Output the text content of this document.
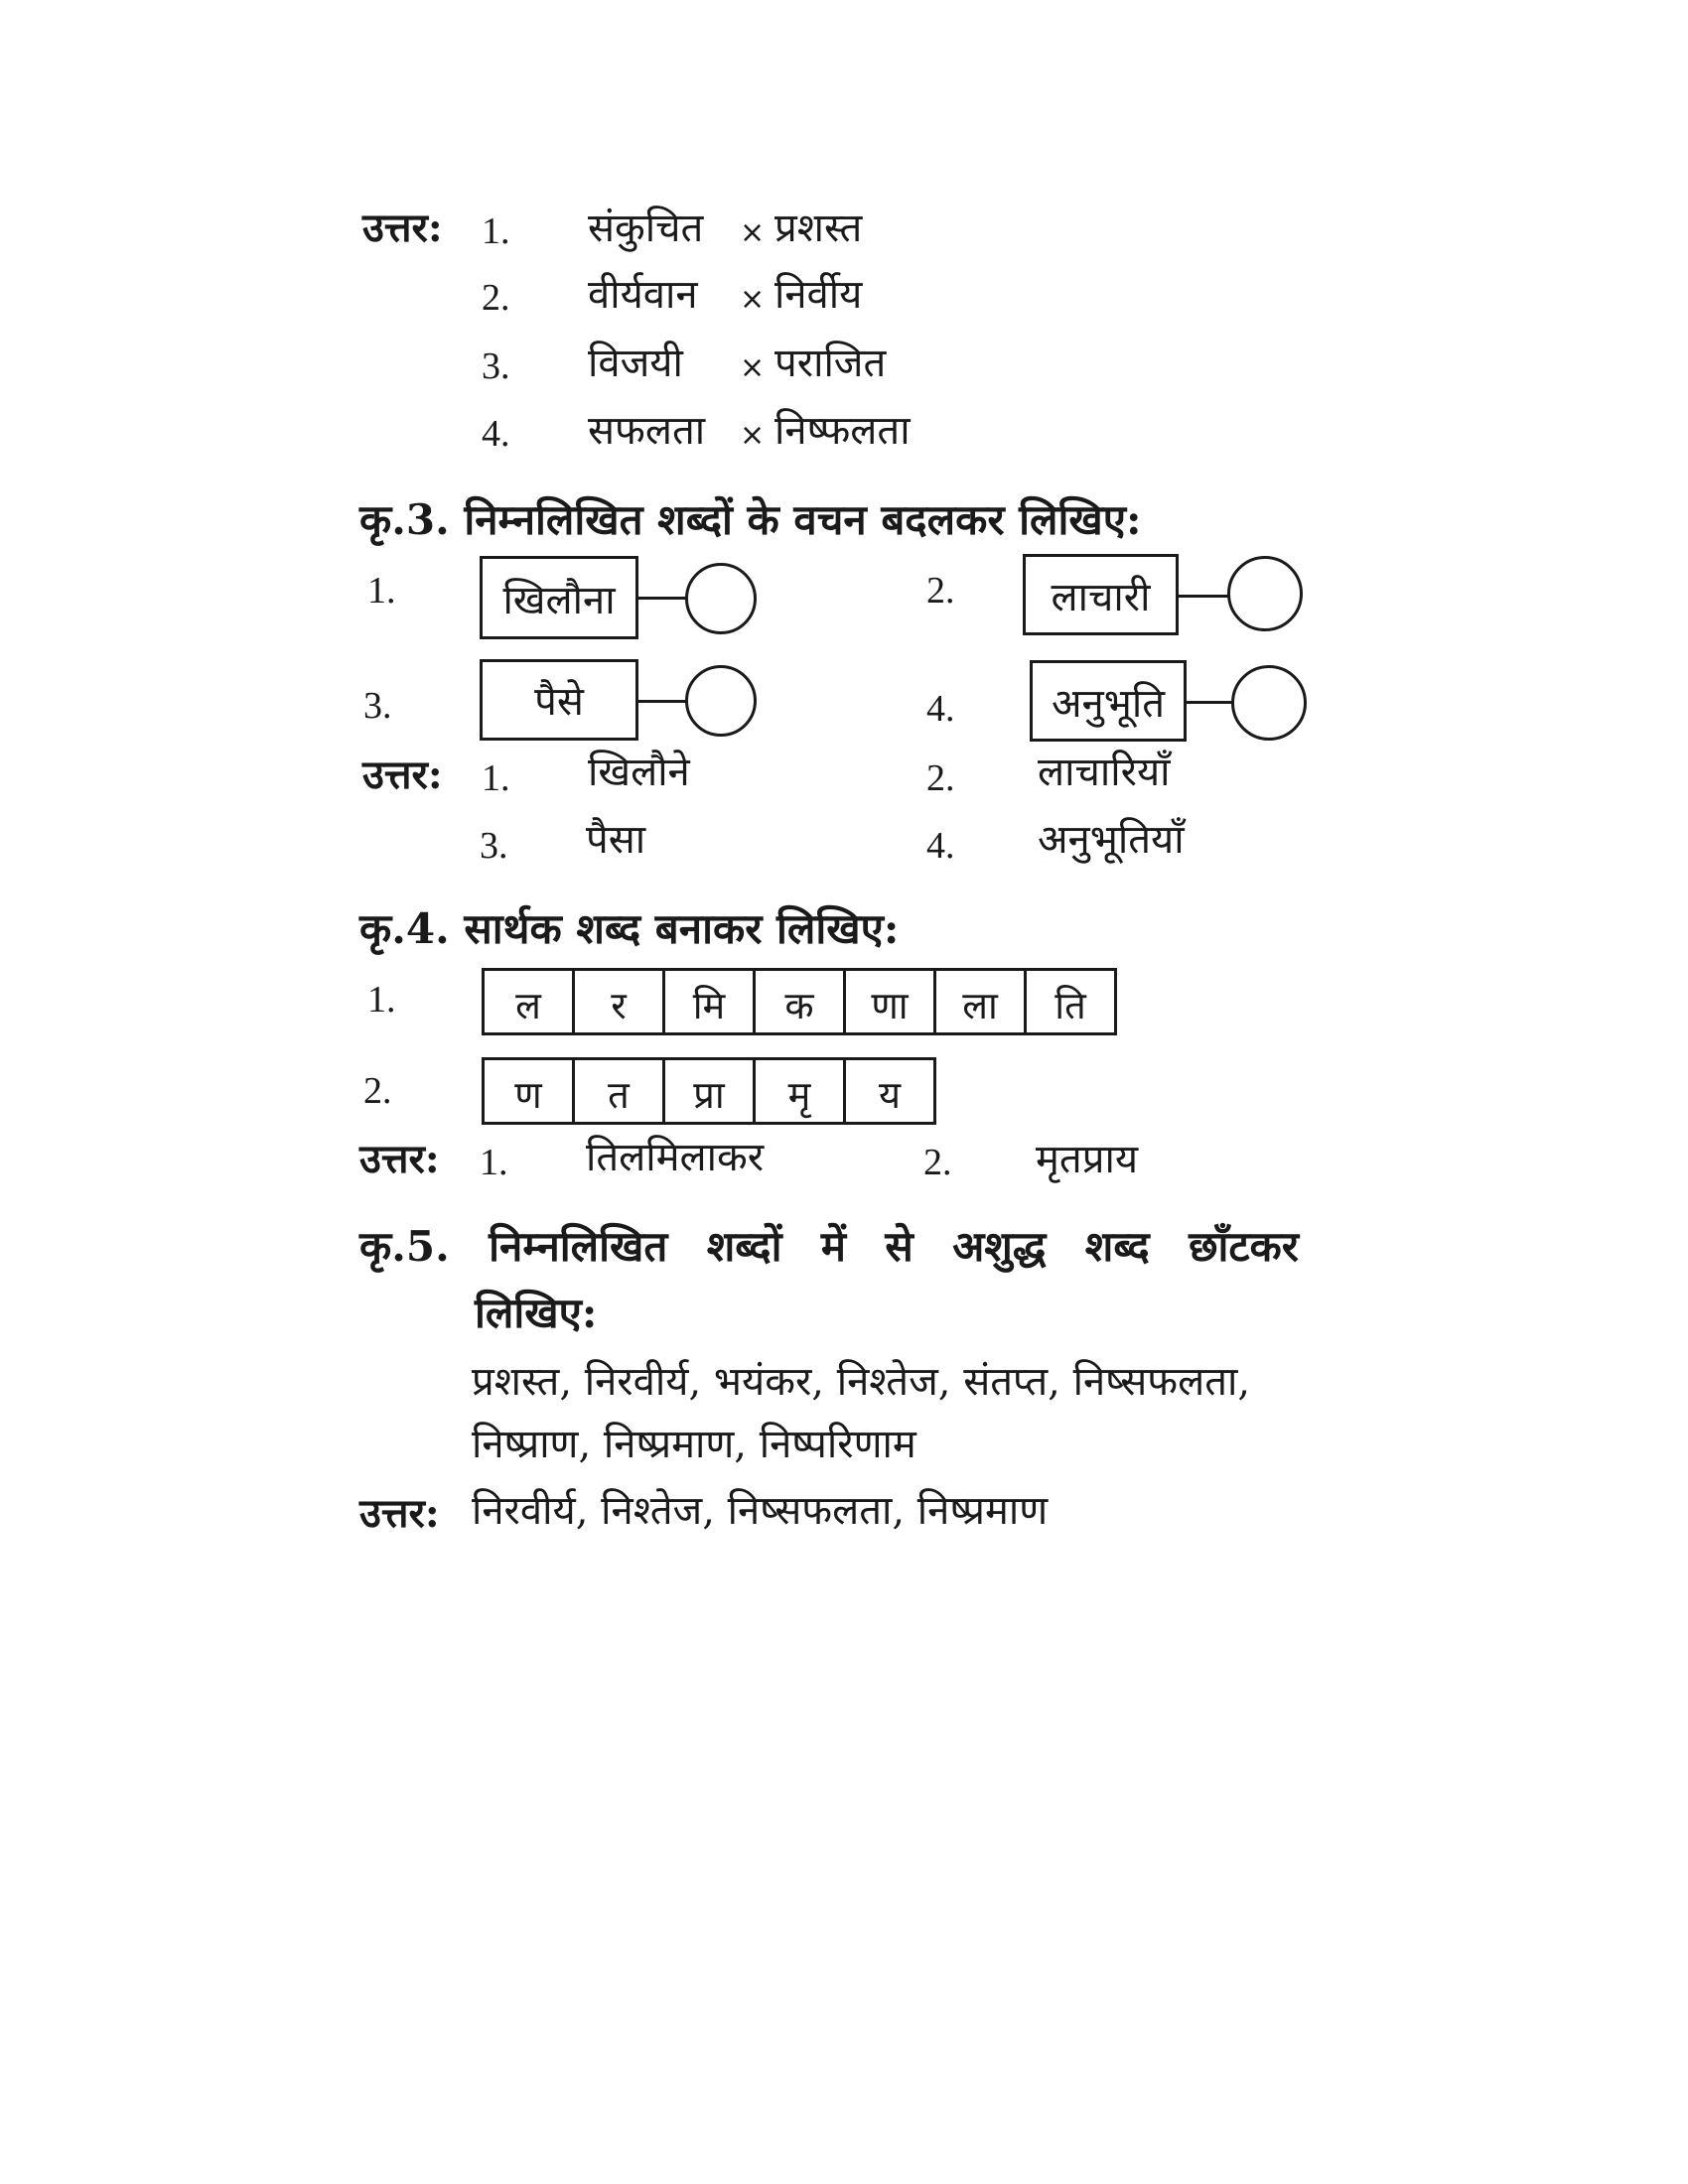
उत्तर: 1. संकुचित × प्रशस्त
2. वीर्यवान × निर्वीय
3. विजयी × पराजित
4. सफलता × निष्फलता
कृ.3. निम्नलिखित शब्दों के वचन बदलकर लिखिए:
1.	खिलौना	2. लाचारी
3.	पैसे	4. अनुभूति
उत्तर: 1. खिलौने	2. लाचारियाँ
3. पैसा	4. अनुभूतियाँ
कृ.4. सार्थक शब्द बनाकर लिखिए:
1.	ल	र	मि	क	णा	ला	ति
2.	ण	त	प्रा	मृ	य
उत्तर: 1. तिलमिलाकर	2. मृतप्राय
कृ.5. निम्नलिखित शब्दों में से अशुद्ध शब्द छाँटकर
लिखिए:
प्रशस्त, निरवीर्य, भयंकर, निश्तेज, संतप्त, निष्सफलता,
निष्प्राण, निष्प्रमाण, निष्परिणाम
उत्तर: निरवीर्य, निश्तेज, निष्सफलता, निष्प्रमाण
